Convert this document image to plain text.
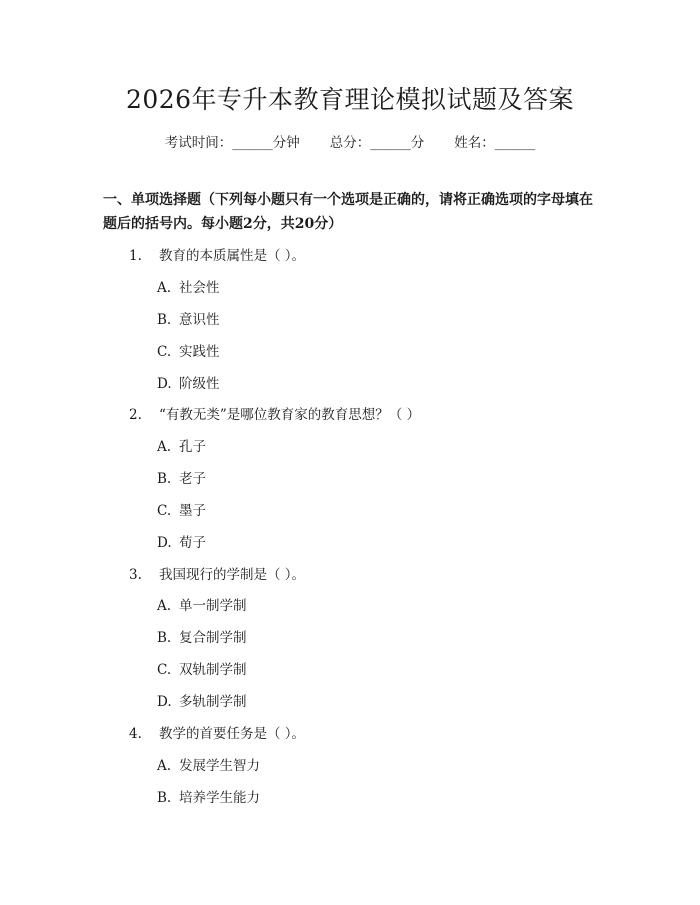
2026年专升本教育理论模拟试题及答案
考试时间：______分钟 总分：______分 姓名：______
一、单项选择题（下列每小题只有一个选项是正确的，请将正确选项的字母填在题后的括号内。每小题2分，共20分）
1. 教育的本质属性是（ ）。
A. 社会性
B. 意识性
C. 实践性
D. 阶级性
2. “有教无类”是哪位教育家的教育思想？（ ）
A. 孔子
B. 老子
C. 墨子
D. 荀子
3. 我国现行的学制是（ ）。
A. 单一制学制
B. 复合制学制
C. 双轨制学制
D. 多轨制学制
4. 教学的首要任务是（ ）。
A. 发展学生智力
B. 培养学生能力
